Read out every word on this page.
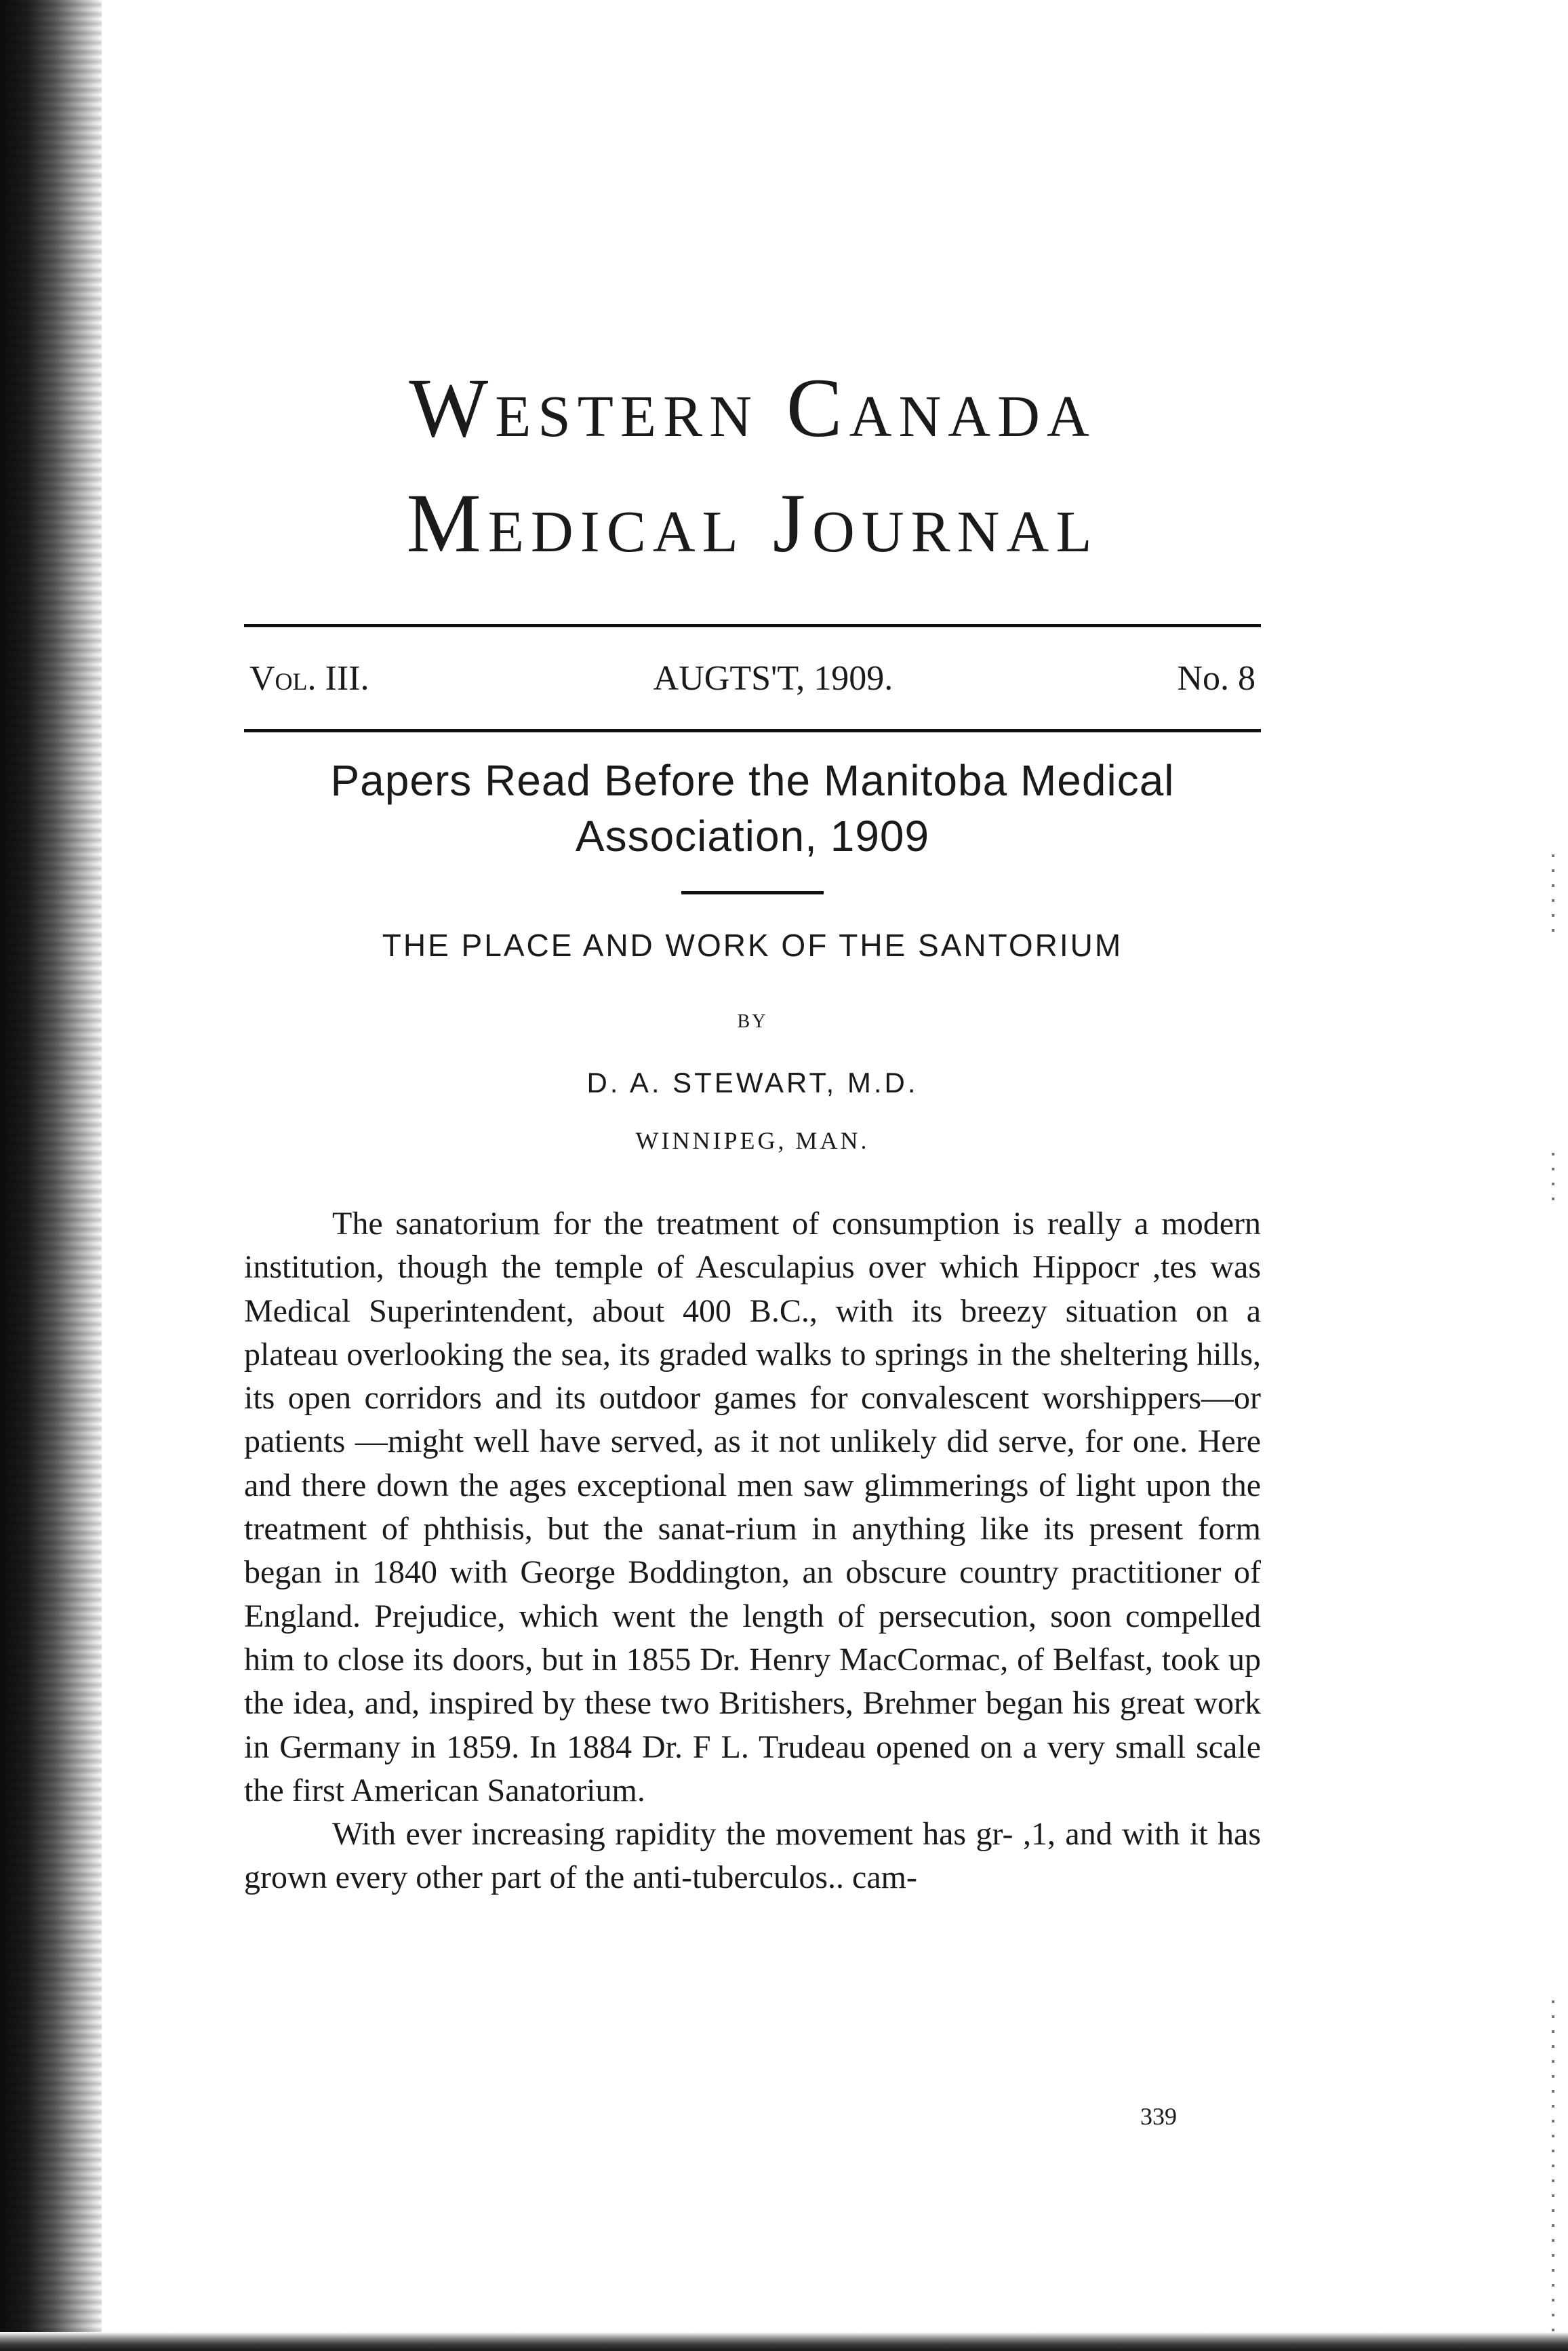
Western Canada
Medical Journal
Vol. III.	AUGTS'T, 1909.	No. 8
Papers Read Before the Manitoba Medical Association, 1909
THE PLACE AND WORK OF THE SANTORIUM
BY
D. A. STEWART, M.D.
WINNIPEG, MAN.

The sanatorium for the treatment of consumption is really a modern institution, though the temple of Aesculapius over which Hippocr ,tes was Medical Superintendent, about 400 B.C., with its breezy situation on a plateau overlooking the sea, its graded walks to springs in the sheltering hills, its open corridors and its outdoor games for convalescent worshippers—or patients —might well have served, as it not unlikely did serve, for one. Here and there down the ages exceptional men saw glimmerings of light upon the treatment of phthisis, but the sanat-rium in anything like its present form began in 1840 with George Boddington, an obscure country practitioner of England. Prejudice, which went the length of persecution, soon compelled him to close its doors, but in 1855 Dr. Henry MacCormac, of Belfast, took up the idea, and, inspired by these two Britishers, Brehmer began his great work in Germany in 1859. In 1884 Dr. F L. Trudeau opened on a very small scale the first American Sanatorium.

With ever increasing rapidity the movement has gr- ,1, and with it has grown every other part of the anti-tuberculos.. cam-

339
